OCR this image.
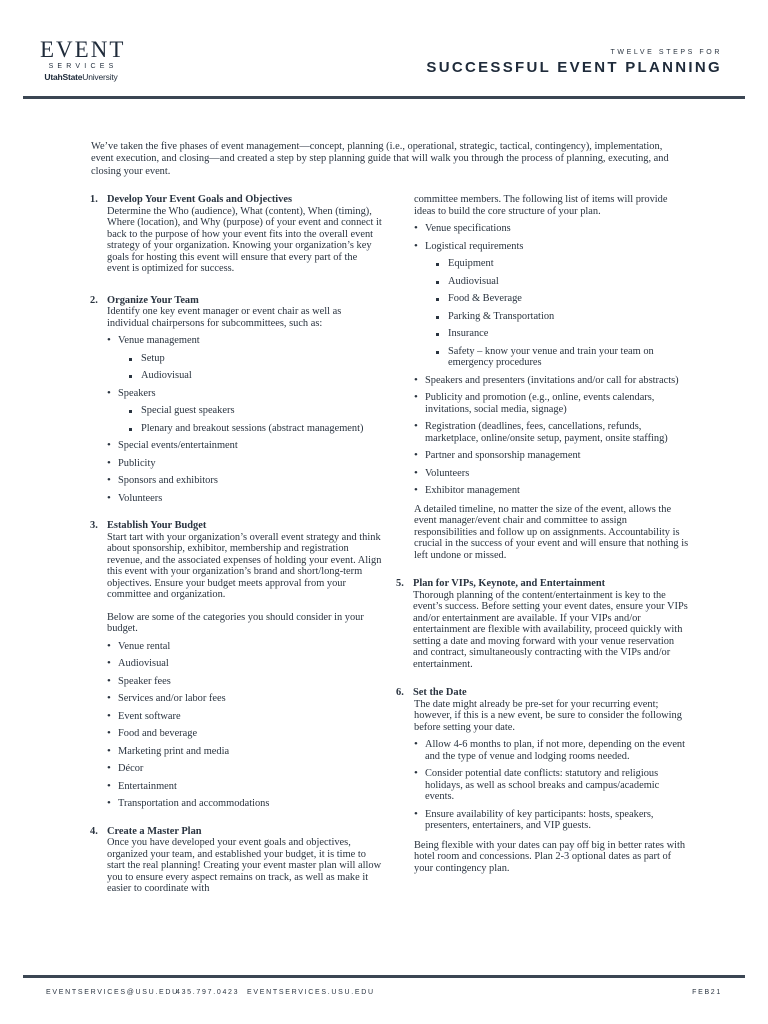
EVENT
SERVICES
UtahStateUniversity
TWELVE STEPS FOR
SUCCESSFUL EVENT PLANNING
We’ve taken the five phases of event management—concept, planning (i.e., operational, strategic, tactical, contingency), implementation, event execution, and closing—and created a step by step planning guide that will walk you through the process of planning, executing, and closing your event.
1. Develop Your Event Goals and Objectives
Determine the Who (audience), What (content), When (timing), Where (location), and Why (purpose) of your event and connect it back to the purpose of how your event fits into the overall event strategy of your organization. Knowing your organization’s key goals for hosting this event will ensure that every part of the event is optimized for success.
2. Organize Your Team
Identify one key event manager or event chair as well as individual chairpersons for subcommittees, such as:
• Venue management
Setup
Audiovisual
• Speakers
Special guest speakers
Plenary and breakout sessions (abstract management)
• Special events/entertainment
• Publicity
• Sponsors and exhibitors
• Volunteers
3. Establish Your Budget
Start tart with your organization’s overall event strategy and think about sponsorship, exhibitor, membership and registration revenue, and the associated expenses of holding your event. Align this event with your organization’s brand and short/long-term objectives. Ensure your budget meets approval from your committee and organization.
Below are some of the categories you should consider in your budget.
• Venue rental
• Audiovisual
• Speaker fees
• Services and/or labor fees
• Event software
• Food and beverage
• Marketing print and media
• Décor
• Entertainment
• Transportation and accommodations
4. Create a Master Plan
Once you have developed your event goals and objectives, organized your team, and established your budget, it is time to start the real planning! Creating your event master plan will allow you to ensure every aspect remains on track, as well as make it easier to coordinate with
committee members. The following list of items will provide ideas to build the core structure of your plan.
• Venue specifications
• Logistical requirements
Equipment
Audiovisual
Food & Beverage
Parking & Transportation
Insurance
Safety – know your venue and train your team on emergency procedures
• Speakers and presenters (invitations and/or call for abstracts)
• Publicity and promotion (e.g., online, events calendars, invitations, social media, signage)
• Registration (deadlines, fees, cancellations, refunds, marketplace, online/onsite setup, payment, onsite staffing)
• Partner and sponsorship management
• Volunteers
• Exhibitor management
A detailed timeline, no matter the size of the event, allows the event manager/event chair and committee to assign responsibilities and follow up on assignments. Accountability is crucial in the success of your event and will ensure that nothing is left undone or missed.
5. Plan for VIPs, Keynote, and Entertainment
Thorough planning of the content/entertainment is key to the event’s success. Before setting your event dates, ensure your VIPs and/or entertainment are available. If your VIPs and/or entertainment are flexible with availability, proceed quickly with setting a date and moving forward with your venue reservation and contract, simultaneously contracting with the VIPs and/or entertainment.
6. Set the Date
The date might already be pre-set for your recurring event; however, if this is a new event, be sure to consider the following before setting your date.
• Allow 4-6 months to plan, if not more, depending on the event and the type of venue and lodging rooms needed.
• Consider potential date conflicts: statutory and religious holidays, as well as school breaks and campus/academic events.
• Ensure availability of key participants: hosts, speakers, presenters, entertainers, and VIP guests.
Being flexible with your dates can pay off big in better rates with hotel room and concessions. Plan 2-3 optional dates as part of your contingency plan.
EVENTSERVICES@USU.EDU
435.797.0423 EVENTSERVICES.USU.EDU	FEB21
